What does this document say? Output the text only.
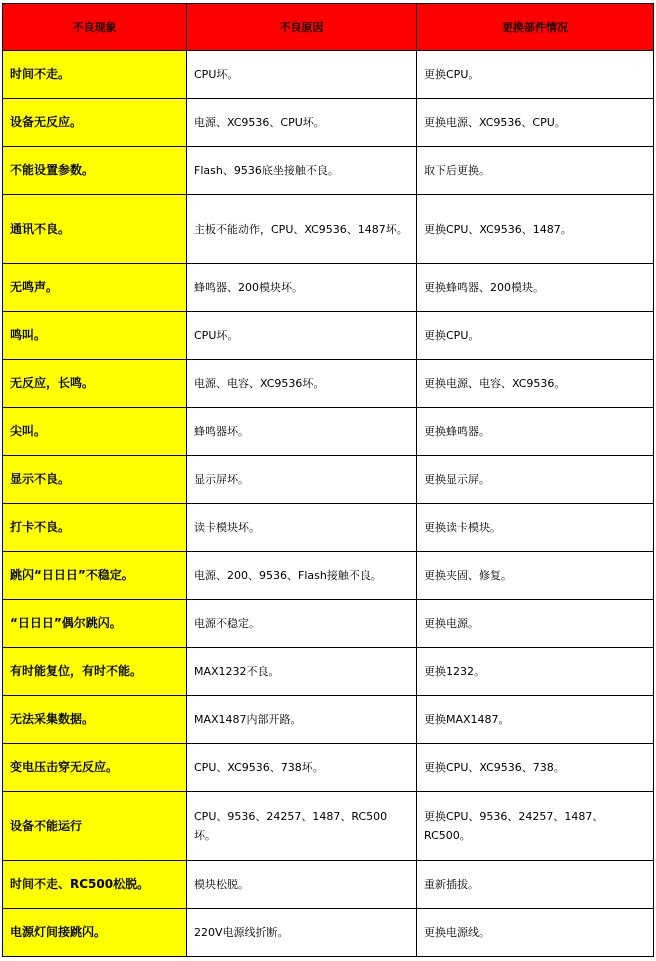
不良现象	不良原因	更换部件情况
时间不走。	CPU坏。	更换CPU。
设备无反应。	电源、XC9536、CPU坏。	更换电源、XC9536、CPU。
不能设置参数。	Flash、9536底坐接触不良。	取下后更换。
通讯不良。	主板不能动作，CPU、XC9536、1487坏。	更换CPU、XC9536、1487。
无鸣声。	蜂鸣器、200模块坏。	更换蜂鸣器、200模块。
鸣叫。	CPU坏。	更换CPU。
无反应，长鸣。	电源、电容、XC9536坏。	更换电源、电容、XC9536。
尖叫。	蜂鸣器坏。	更换蜂鸣器。
显示不良。	显示屏坏。	更换显示屏。
打卡不良。	读卡模块坏。	更换读卡模块。
跳闪“日日日”不稳定。	电源、200、9536、Flash接触不良。	更换夹固、修复。
“日日日”偶尔跳闪。	电源不稳定。	更换电源。
有时能复位，有时不能。	MAX1232不良。	更换1232。
无法采集数据。	MAX1487内部开路。	更换MAX1487。
变电压击穿无反应。	CPU、XC9536、738坏。	更换CPU、XC9536、738。
设备不能运行	CPU、9536、24257、1487、RC500坏。	更换CPU、9536、24257、1487、RC500。
时间不走、RC500松脱。	模块松脱。	重新插拔。
电源灯间接跳闪。	220V电源线折断。	更换电源线。
